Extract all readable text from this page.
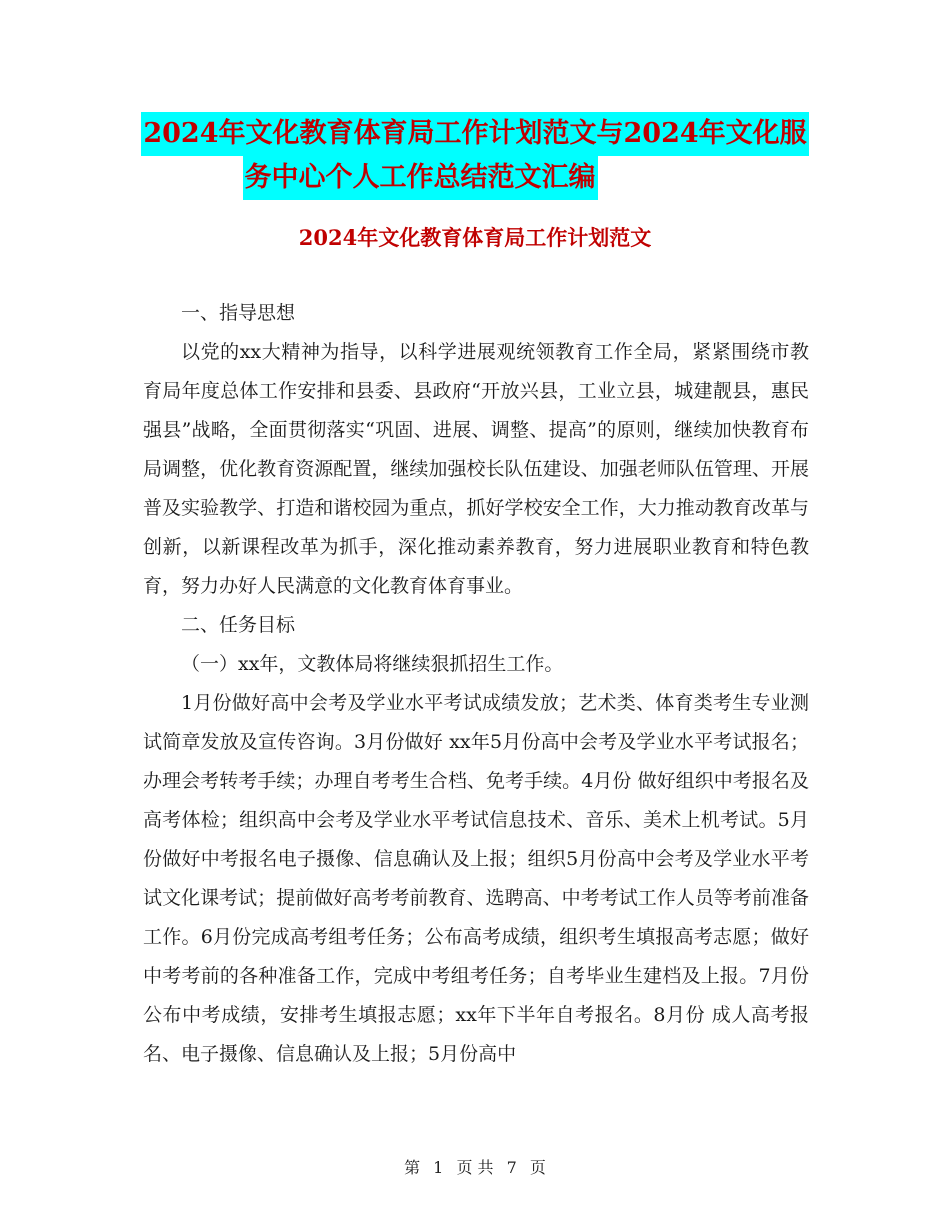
2024年文化教育体育局工作计划范文与2024年文化服
务中心个人工作总结范文汇编
2024年文化教育体育局工作计划范文

一、指导思想

以党的xx大精神为指导，以科学进展观统领教育工作全局，紧紧围绕市教育局年度总体工作安排和县委、县政府“开放兴县，工业立县，城建靓县，惠民强县”战略，全面贯彻落实“巩固、进展、调整、提高”的原则，继续加快教育布局调整，优化教育资源配置，继续加强校长队伍建设、加强老师队伍管理、开展普及实验教学、打造和谐校园为重点，抓好学校安全工作，大力推动教育改革与创新，以新课程改革为抓手，深化推动素养教育，努力进展职业教育和特色教育，努力办好人民满意的文化教育体育事业。

二、任务目标

（一）xx年，文教体局将继续狠抓招生工作。

1月份做好高中会考及学业水平考试成绩发放；艺术类、体育类考生专业测试简章发放及宣传咨询。3月份做好 xx年5月份高中会考及学业水平考试报名；办理会考转考手续；办理自考考生合档、免考手续。4月份 做好组织中考报名及高考体检；组织高中会考及学业水平考试信息技术、音乐、美术上机考试。5月份做好中考报名电子摄像、信息确认及上报；组织5月份高中会考及学业水平考试文化课考试；提前做好高考考前教育、选聘高、中考考试工作人员等考前准备工作。6月份完成高考组考任务；公布高考成绩，组织考生填报高考志愿；做好中考考前的各种准备工作，完成中考组考任务；自考毕业生建档及上报。7月份 公布中考成绩，安排考生填报志愿；xx年下半年自考报名。8月份 成人高考报名、电子摄像、信息确认及上报；5月份高中

第 1 页 共 7 页
